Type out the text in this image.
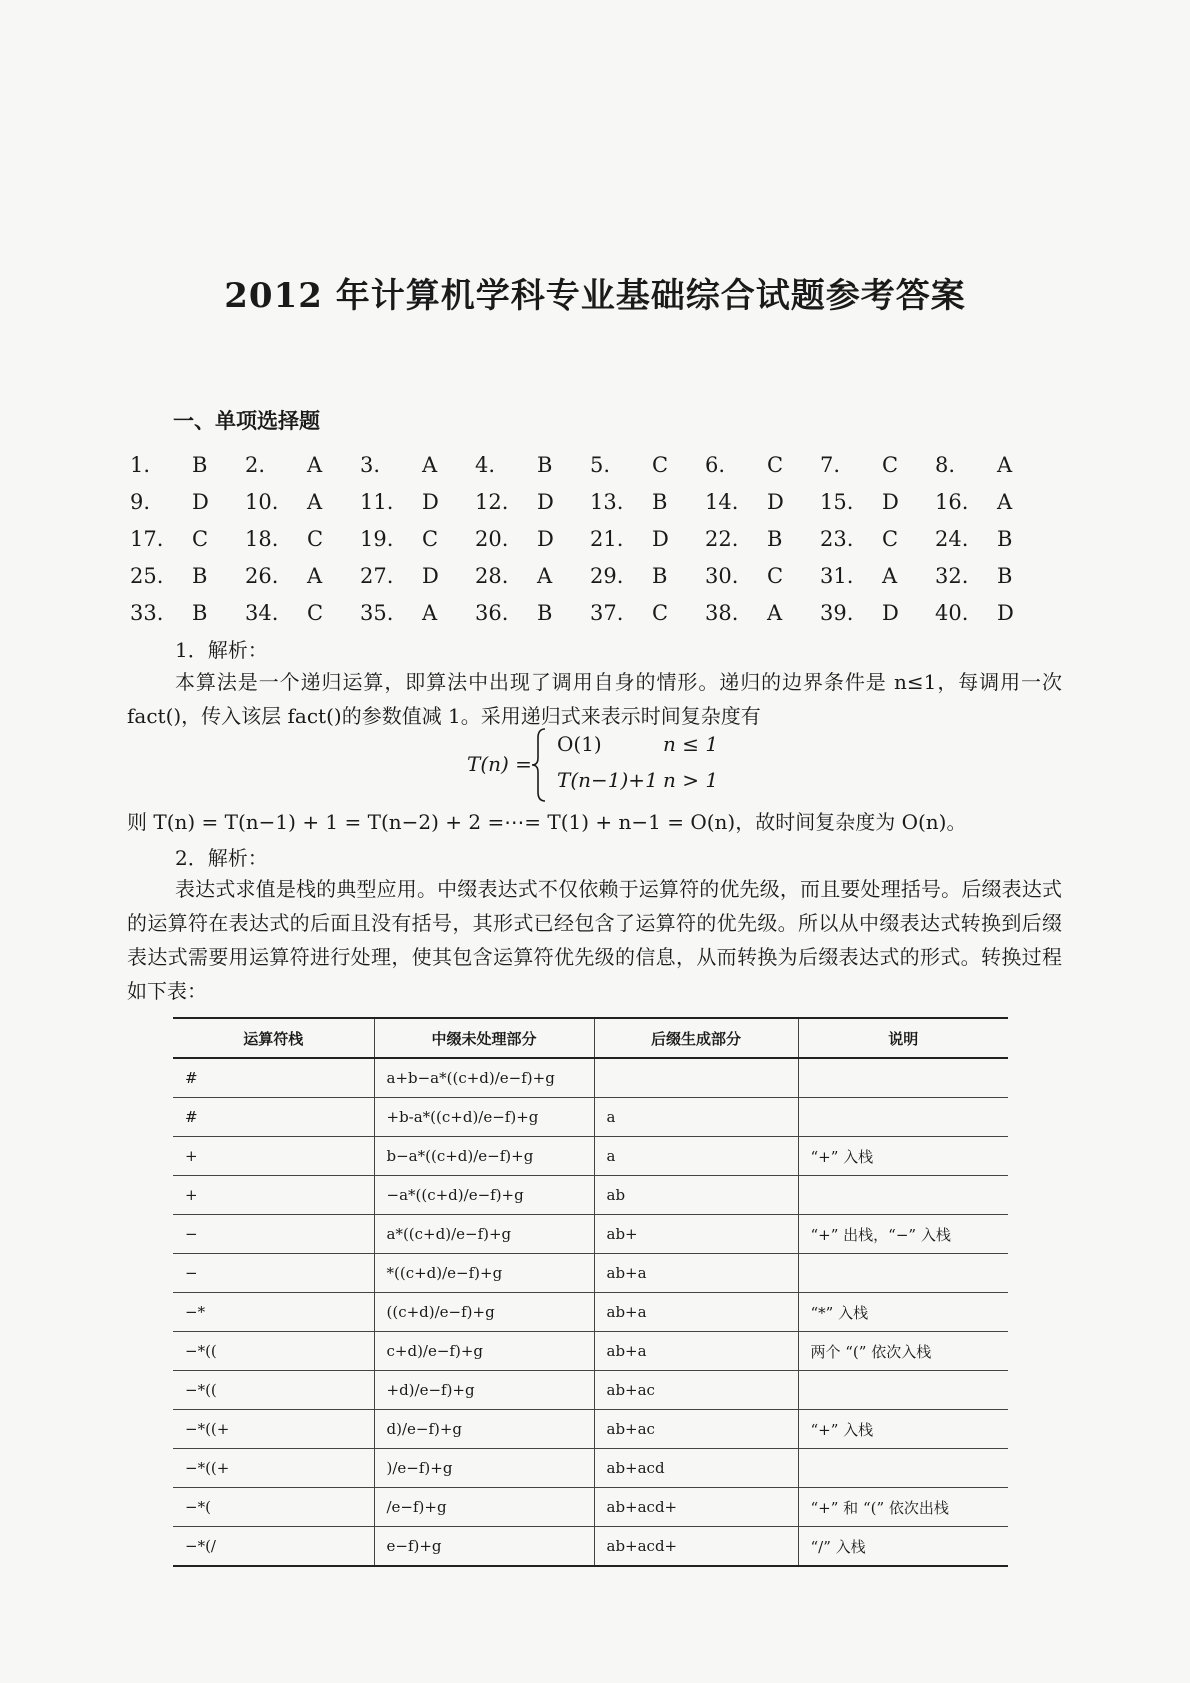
2012 年计算机学科专业基础综合试题参考答案
一、单项选择题
1. B	2. A	3. A	4. B	5. C	6. C	7. C	8. A
9. D	10. A	11. D	12. D	13. B	14. D	15. D	16. A
17. C	18. C	19. C	20. D	21. D	22. B	23. C	24. B
25. B	26. A	27. D	28. A	29. B	30. C	31. A	32. B
33. B	34. C	35. A	36. B	37. C	38. A	39. D	40. D
1．解析：
本算法是一个递归运算，即算法中出现了调用自身的情形。递归的边界条件是 n≤1，每调用一次 fact()，传入该层 fact()的参数值减 1。采用递归式来表示时间复杂度有
T(n) =
O(1)	n ≤ 1
T(n−1)+1 n > 1
则 T(n) = T(n−1) + 1 = T(n−2) + 2 =⋯= T(1) + n−1 = O(n)，故时间复杂度为 O(n)。
2．解析：
表达式求值是栈的典型应用。中缀表达式不仅依赖于运算符的优先级，而且要处理括号。后缀表达式的运算符在表达式的后面且没有括号，其形式已经包含了运算符的优先级。所以从中缀表达式转换到后缀表达式需要用运算符进行处理，使其包含运算符优先级的信息，从而转换为后缀表达式的形式。转换过程如下表：
运算符栈	中缀未处理部分	后缀生成部分	说明
#	a+b−a*((c+d)/e−f)+g		
#	+b-a*((c+d)/e−f)+g	a	
+	b−a*((c+d)/e−f)+g	a	“+” 入栈
+	−a*((c+d)/e−f)+g	ab	
−	a*((c+d)/e−f)+g	ab+	“+” 出栈，“−” 入栈
−	*((c+d)/e−f)+g	ab+a	
−*	((c+d)/e−f)+g	ab+a	“*” 入栈
−*((	c+d)/e−f)+g	ab+a	两个 “(” 依次入栈
−*((	+d)/e−f)+g	ab+ac	
−*((+	d)/e−f)+g	ab+ac	“+” 入栈
−*((+	)/e−f)+g	ab+acd	
−*(	/e−f)+g	ab+acd+	“+” 和 “(” 依次出栈
−*(/	e−f)+g	ab+acd+	“/” 入栈
